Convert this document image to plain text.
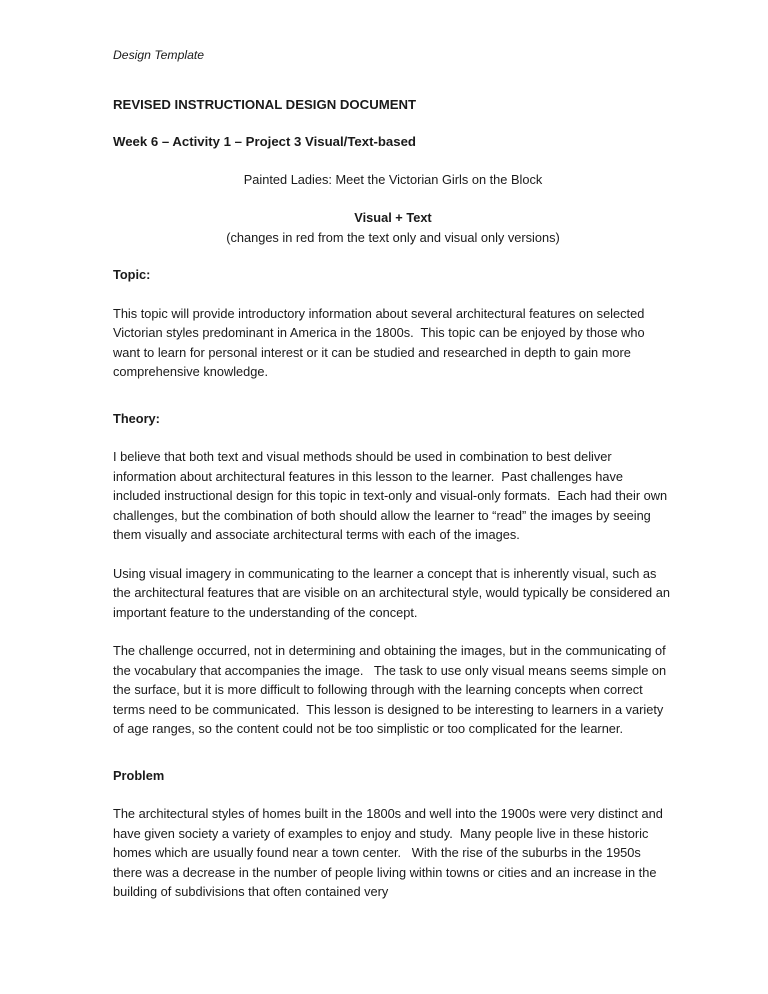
Design Template
REVISED INSTRUCTIONAL DESIGN DOCUMENT
Week 6 – Activity 1 – Project 3 Visual/Text-based
Painted Ladies: Meet the Victorian Girls on the Block
Visual + Text
(changes in red from the text only and visual only versions)
Topic:

This topic will provide introductory information about several architectural features on selected Victorian styles predominant in America in the 1800s.  This topic can be enjoyed by those who want to learn for personal interest or it can be studied and researched in depth to gain more comprehensive knowledge.

Theory:

I believe that both text and visual methods should be used in combination to best deliver information about architectural features in this lesson to the learner.  Past challenges have included instructional design for this topic in text-only and visual-only formats.  Each had their own challenges, but the combination of both should allow the learner to “read” the images by seeing them visually and associate architectural terms with each of the images.

Using visual imagery in communicating to the learner a concept that is inherently visual, such as the architectural features that are visible on an architectural style, would typically be considered an important feature to the understanding of the concept.

The challenge occurred, not in determining and obtaining the images, but in the communicating of the vocabulary that accompanies the image.   The task to use only visual means seems simple on the surface, but it is more difficult to following through with the learning concepts when correct terms need to be communicated.  This lesson is designed to be interesting to learners in a variety of age ranges, so the content could not be too simplistic or too complicated for the learner.

Problem

The architectural styles of homes built in the 1800s and well into the 1900s were very distinct and have given society a variety of examples to enjoy and study.  Many people live in these historic homes which are usually found near a town center.   With the rise of the suburbs in the 1950s there was a decrease in the number of people living within towns or cities and an increase in the building of subdivisions that often contained very
